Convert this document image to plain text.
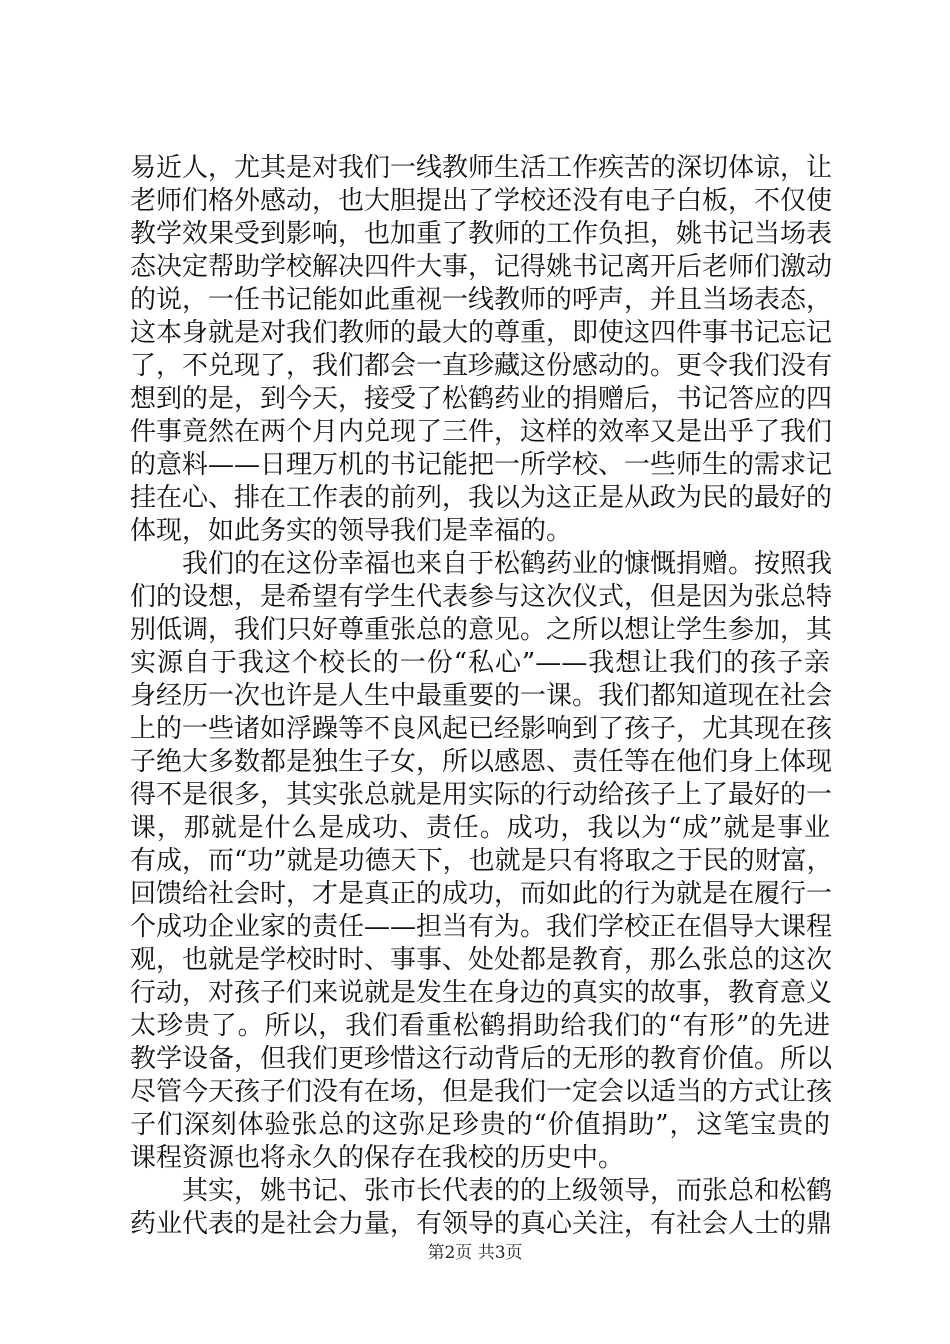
易近人，尤其是对我们一线教师生活工作疾苦的深切体谅，让
老师们格外感动，也大胆提出了学校还没有电子白板，不仅使
教学效果受到影响，也加重了教师的工作负担，姚书记当场表
态决定帮助学校解决四件大事，记得姚书记离开后老师们激动
的说，一任书记能如此重视一线教师的呼声，并且当场表态，
这本身就是对我们教师的最大的尊重，即使这四件事书记忘记
了，不兑现了，我们都会一直珍藏这份感动的。更令我们没有
想到的是，到今天，接受了松鹤药业的捐赠后，书记答应的四
件事竟然在两个月内兑现了三件，这样的效率又是出乎了我们
的意料——日理万机的书记能把一所学校、一些师生的需求记
挂在心、排在工作表的前列，我以为这正是从政为民的最好的
体现，如此务实的领导我们是幸福的。
我们的在这份幸福也来自于松鹤药业的慷慨捐赠。按照我
们的设想，是希望有学生代表参与这次仪式，但是因为张总特
别低调，我们只好尊重张总的意见。之所以想让学生参加，其
实源自于我这个校长的一份“私心”——我想让我们的孩子亲
身经历一次也许是人生中最重要的一课。我们都知道现在社会
上的一些诸如浮躁等不良风起已经影响到了孩子，尤其现在孩
子绝大多数都是独生子女，所以感恩、责任等在他们身上体现
得不是很多，其实张总就是用实际的行动给孩子上了最好的一
课，那就是什么是成功、责任。成功，我以为“成”就是事业
有成，而“功”就是功德天下，也就是只有将取之于民的财富，
回馈给社会时，才是真正的成功，而如此的行为就是在履行一
个成功企业家的责任——担当有为。我们学校正在倡导大课程
观，也就是学校时时、事事、处处都是教育，那么张总的这次
行动，对孩子们来说就是发生在身边的真实的故事，教育意义
太珍贵了。所以，我们看重松鹤捐助给我们的“有形”的先进
教学设备，但我们更珍惜这行动背后的无形的教育价值。所以
尽管今天孩子们没有在场，但是我们一定会以适当的方式让孩
子们深刻体验张总的这弥足珍贵的“价值捐助”，这笔宝贵的
课程资源也将永久的保存在我校的历史中。
其实，姚书记、张市长代表的的上级领导，而张总和松鹤
药业代表的是社会力量，有领导的真心关注，有社会人士的鼎
第2页 共3页
